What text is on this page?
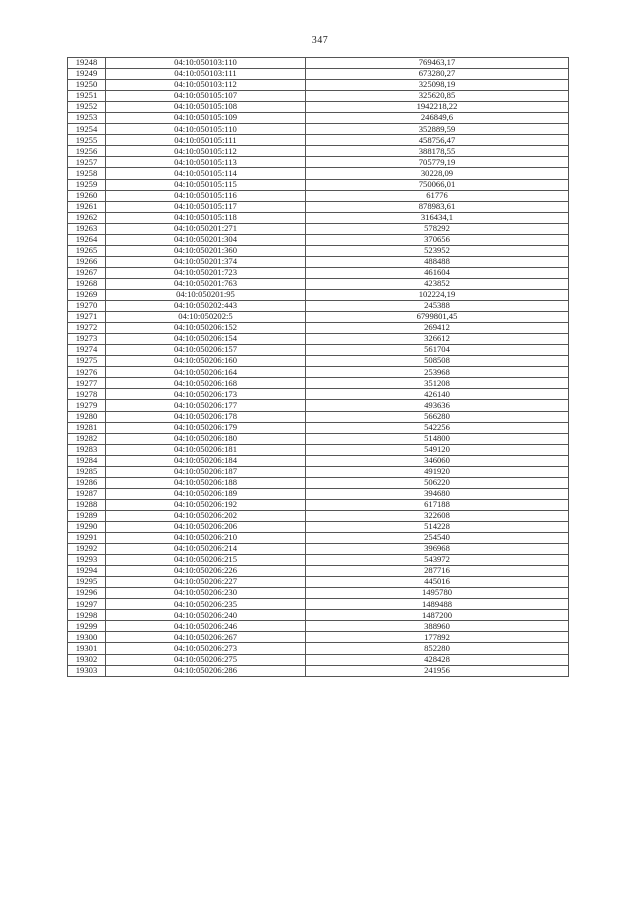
347
19248	04:10:050103:110	769463,17
19249	04:10:050103:111	673280,27
19250	04:10:050103:112	325098,19
19251	04:10:050105:107	325620,85
19252	04:10:050105:108	1942218,22
19253	04:10:050105:109	246849,6
19254	04:10:050105:110	352889,59
19255	04:10:050105:111	458756,47
19256	04:10:050105:112	388178,55
19257	04:10:050105:113	705779,19
19258	04:10:050105:114	30228,09
19259	04:10:050105:115	750066,01
19260	04:10:050105:116	61776
19261	04:10:050105:117	878983,61
19262	04:10:050105:118	316434,1
19263	04:10:050201:271	578292
19264	04:10:050201:304	370656
19265	04:10:050201:360	523952
19266	04:10:050201:374	488488
19267	04:10:050201:723	461604
19268	04:10:050201:763	423852
19269	04:10:050201:95	102224,19
19270	04:10:050202:443	245388
19271	04:10:050202:5	6799801,45
19272	04:10:050206:152	269412
19273	04:10:050206:154	326612
19274	04:10:050206:157	561704
19275	04:10:050206:160	508508
19276	04:10:050206:164	253968
19277	04:10:050206:168	351208
19278	04:10:050206:173	426140
19279	04:10:050206:177	493636
19280	04:10:050206:178	566280
19281	04:10:050206:179	542256
19282	04:10:050206:180	514800
19283	04:10:050206:181	549120
19284	04:10:050206:184	346060
19285	04:10:050206:187	491920
19286	04:10:050206:188	506220
19287	04:10:050206:189	394680
19288	04:10:050206:192	617188
19289	04:10:050206:202	322608
19290	04:10:050206:206	514228
19291	04:10:050206:210	254540
19292	04:10:050206:214	396968
19293	04:10:050206:215	543972
19294	04:10:050206:226	287716
19295	04:10:050206:227	445016
19296	04:10:050206:230	1495780
19297	04:10:050206:235	1489488
19298	04:10:050206:240	1487200
19299	04:10:050206:246	388960
19300	04:10:050206:267	177892
19301	04:10:050206:273	852280
19302	04:10:050206:275	428428
19303	04:10:050206:286	241956
